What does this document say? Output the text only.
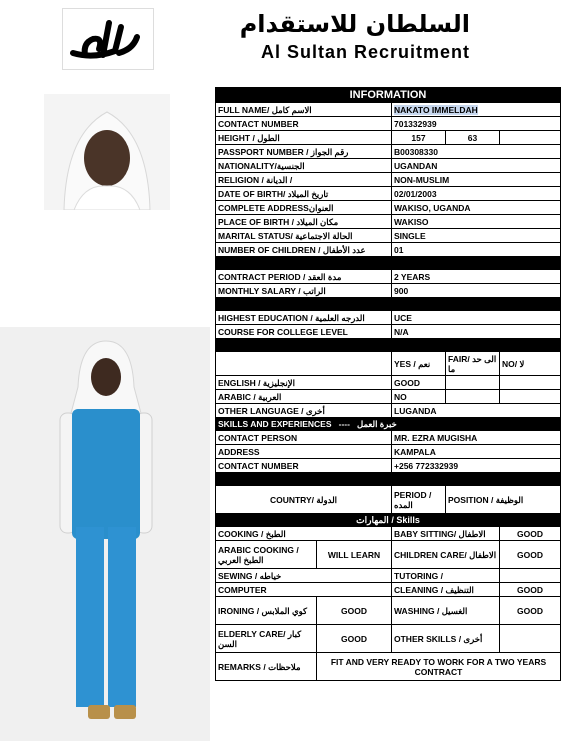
السلطان للاستقدام
Al Sultan Recruitment
INFORMATION				
FULL NAME/ الاسم كامل		NAKATO IMMELDAH		
CONTACT NUMBER		701332939		
HEIGHT / الطول		157	63	
PASSPORT NUMBER / رقم الجواز		B00308330		
NATIONALITY/الجنسية		UGANDAN		
RELIGION / الديانة /		NON-MUSLIM		
DATE OF BIRTH/ تاريخ الميلاد		02/01/2003		
COMPLETE ADDRESSالعنوان		WAKISO, UGANDA		
PLACE OF BIRTH / مكان الميلاد		WAKISO		
MARITAL STATUS/ الحالة الاجتماعية		SINGLE		
NUMBER OF CHILDREN / عدد الأطفال		01		

CONTRACT PERIOD / مدة العقد		2 YEARS		
MONTHLY SALARY / الراتب		900		

HIGHEST EDUCATION / الدرجه العلمية		UCE		
COURSE FOR COLLEGE LEVEL		N/A		

		YES / نعم	FAIR/ الى حد ما	NO/ لا
ENGLISH / الإنجليزية		GOOD		
ARABIC / العربية		NO		
OTHER LANGUAGE / أخرى		LUGANDA		
SKILLS AND EXPERIENCES ---- خبرة العمل				
CONTACT PERSON		MR. EZRA MUGISHA		
ADDRESS		KAMPALA		
CONTACT NUMBER		+256 772332939		

COUNTRY/ الدولة		PERIOD / المده	POSITION / الوظيفة	
المهارات / Skills				
COOKING / الطبخ		BABY SITTING/ الاطفال		GOOD
ARABIC COOKING / الطبخ العربي	WILL LEARN	CHILDREN CARE/ الاطفال		GOOD
SEWING / خياطه		TUTORING /		
COMPUTER		CLEANING / التنظيف		GOOD
IRONING / كوي الملابس	GOOD	WASHING / الغسيل		GOOD
ELDERLY CARE/ كبار السن	GOOD	OTHER SKILLS / أخرى		
REMARKS / ملاحظات	FIT AND VERY READY TO WORK FOR A TWO YEARS CONTRACT			
